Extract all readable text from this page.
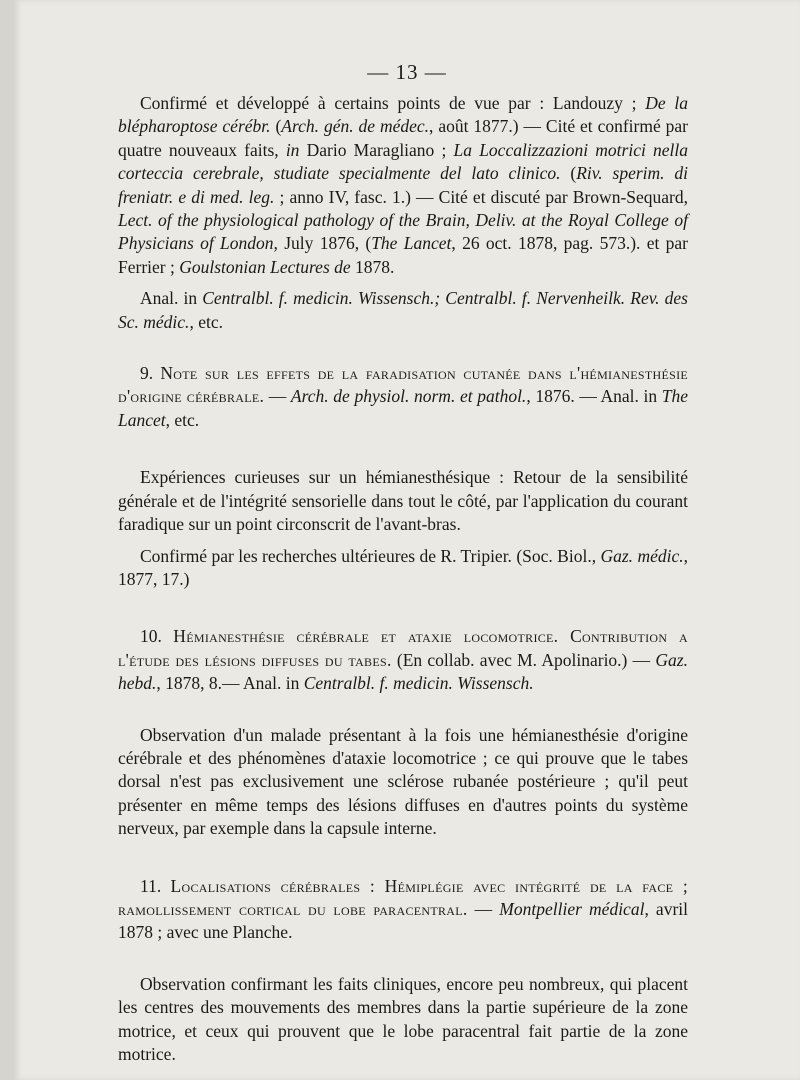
— 13 —

Confirmé et développé à certains points de vue par : Landouzy ; De la blépharoptose cérébr. (Arch. gén. de médec., août 1877.) — Cité et confirmé par quatre nouveaux faits, in Dario Maragliano ; La Loccalizzazioni motrici nella corteccia cerebrale, studiate specialmente del lato clinico. (Riv. sperim. di freniatr. e di med. leg. ; anno IV, fasc. 1.) — Cité et discuté par Brown-Sequard, Lect. of the physiological pathology of the Brain, Deliv. at the Royal College of Physicians of London, July 1876, (The Lancet, 26 oct. 1878, pag. 573.). et par Ferrier ; Goulstonian Lectures de 1878.

Anal. in Centralbl. f. medicin. Wissensch.; Centralbl. f. Nervenheilk. Rev. des Sc. médic., etc.

9. Note sur les effets de la faradisation cutanée dans l'hémianesthésie d'origine cérébrale. — Arch. de physiol. norm. et pathol., 1876. — Anal. in The Lancet, etc.

Expériences curieuses sur un hémianesthésique : Retour de la sensibilité générale et de l'intégrité sensorielle dans tout le côté, par l'application du courant faradique sur un point circonscrit de l'avant-bras.

Confirmé par les recherches ultérieures de R. Tripier. (Soc. Biol., Gaz. médic., 1877, 17.)

10. Hémianesthésie cérébrale et ataxie locomotrice. Contribution a l'étude des lésions diffuses du tabes. (En collab. avec M. Apolinario.) — Gaz. hebd., 1878, 8.— Anal. in Centralbl. f. medicin. Wissensch.

Observation d'un malade présentant à la fois une hémianesthésie d'origine cérébrale et des phénomènes d'ataxie locomotrice ; ce qui prouve que le tabes dorsal n'est pas exclusivement une sclérose rubanée postérieure ; qu'il peut présenter en même temps des lésions diffuses en d'autres points du système nerveux, par exemple dans la capsule interne.

11. Localisations cérébrales : Hémiplégie avec intégrité de la face ; ramollissement cortical du lobe paracentral. — Montpellier médical, avril 1878 ; avec une Planche.

Observation confirmant les faits cliniques, encore peu nombreux, qui placent les centres des mouvements des membres dans la partie supérieure de la zone motrice, et ceux qui prouvent que le lobe paracentral fait partie de la zone motrice.
